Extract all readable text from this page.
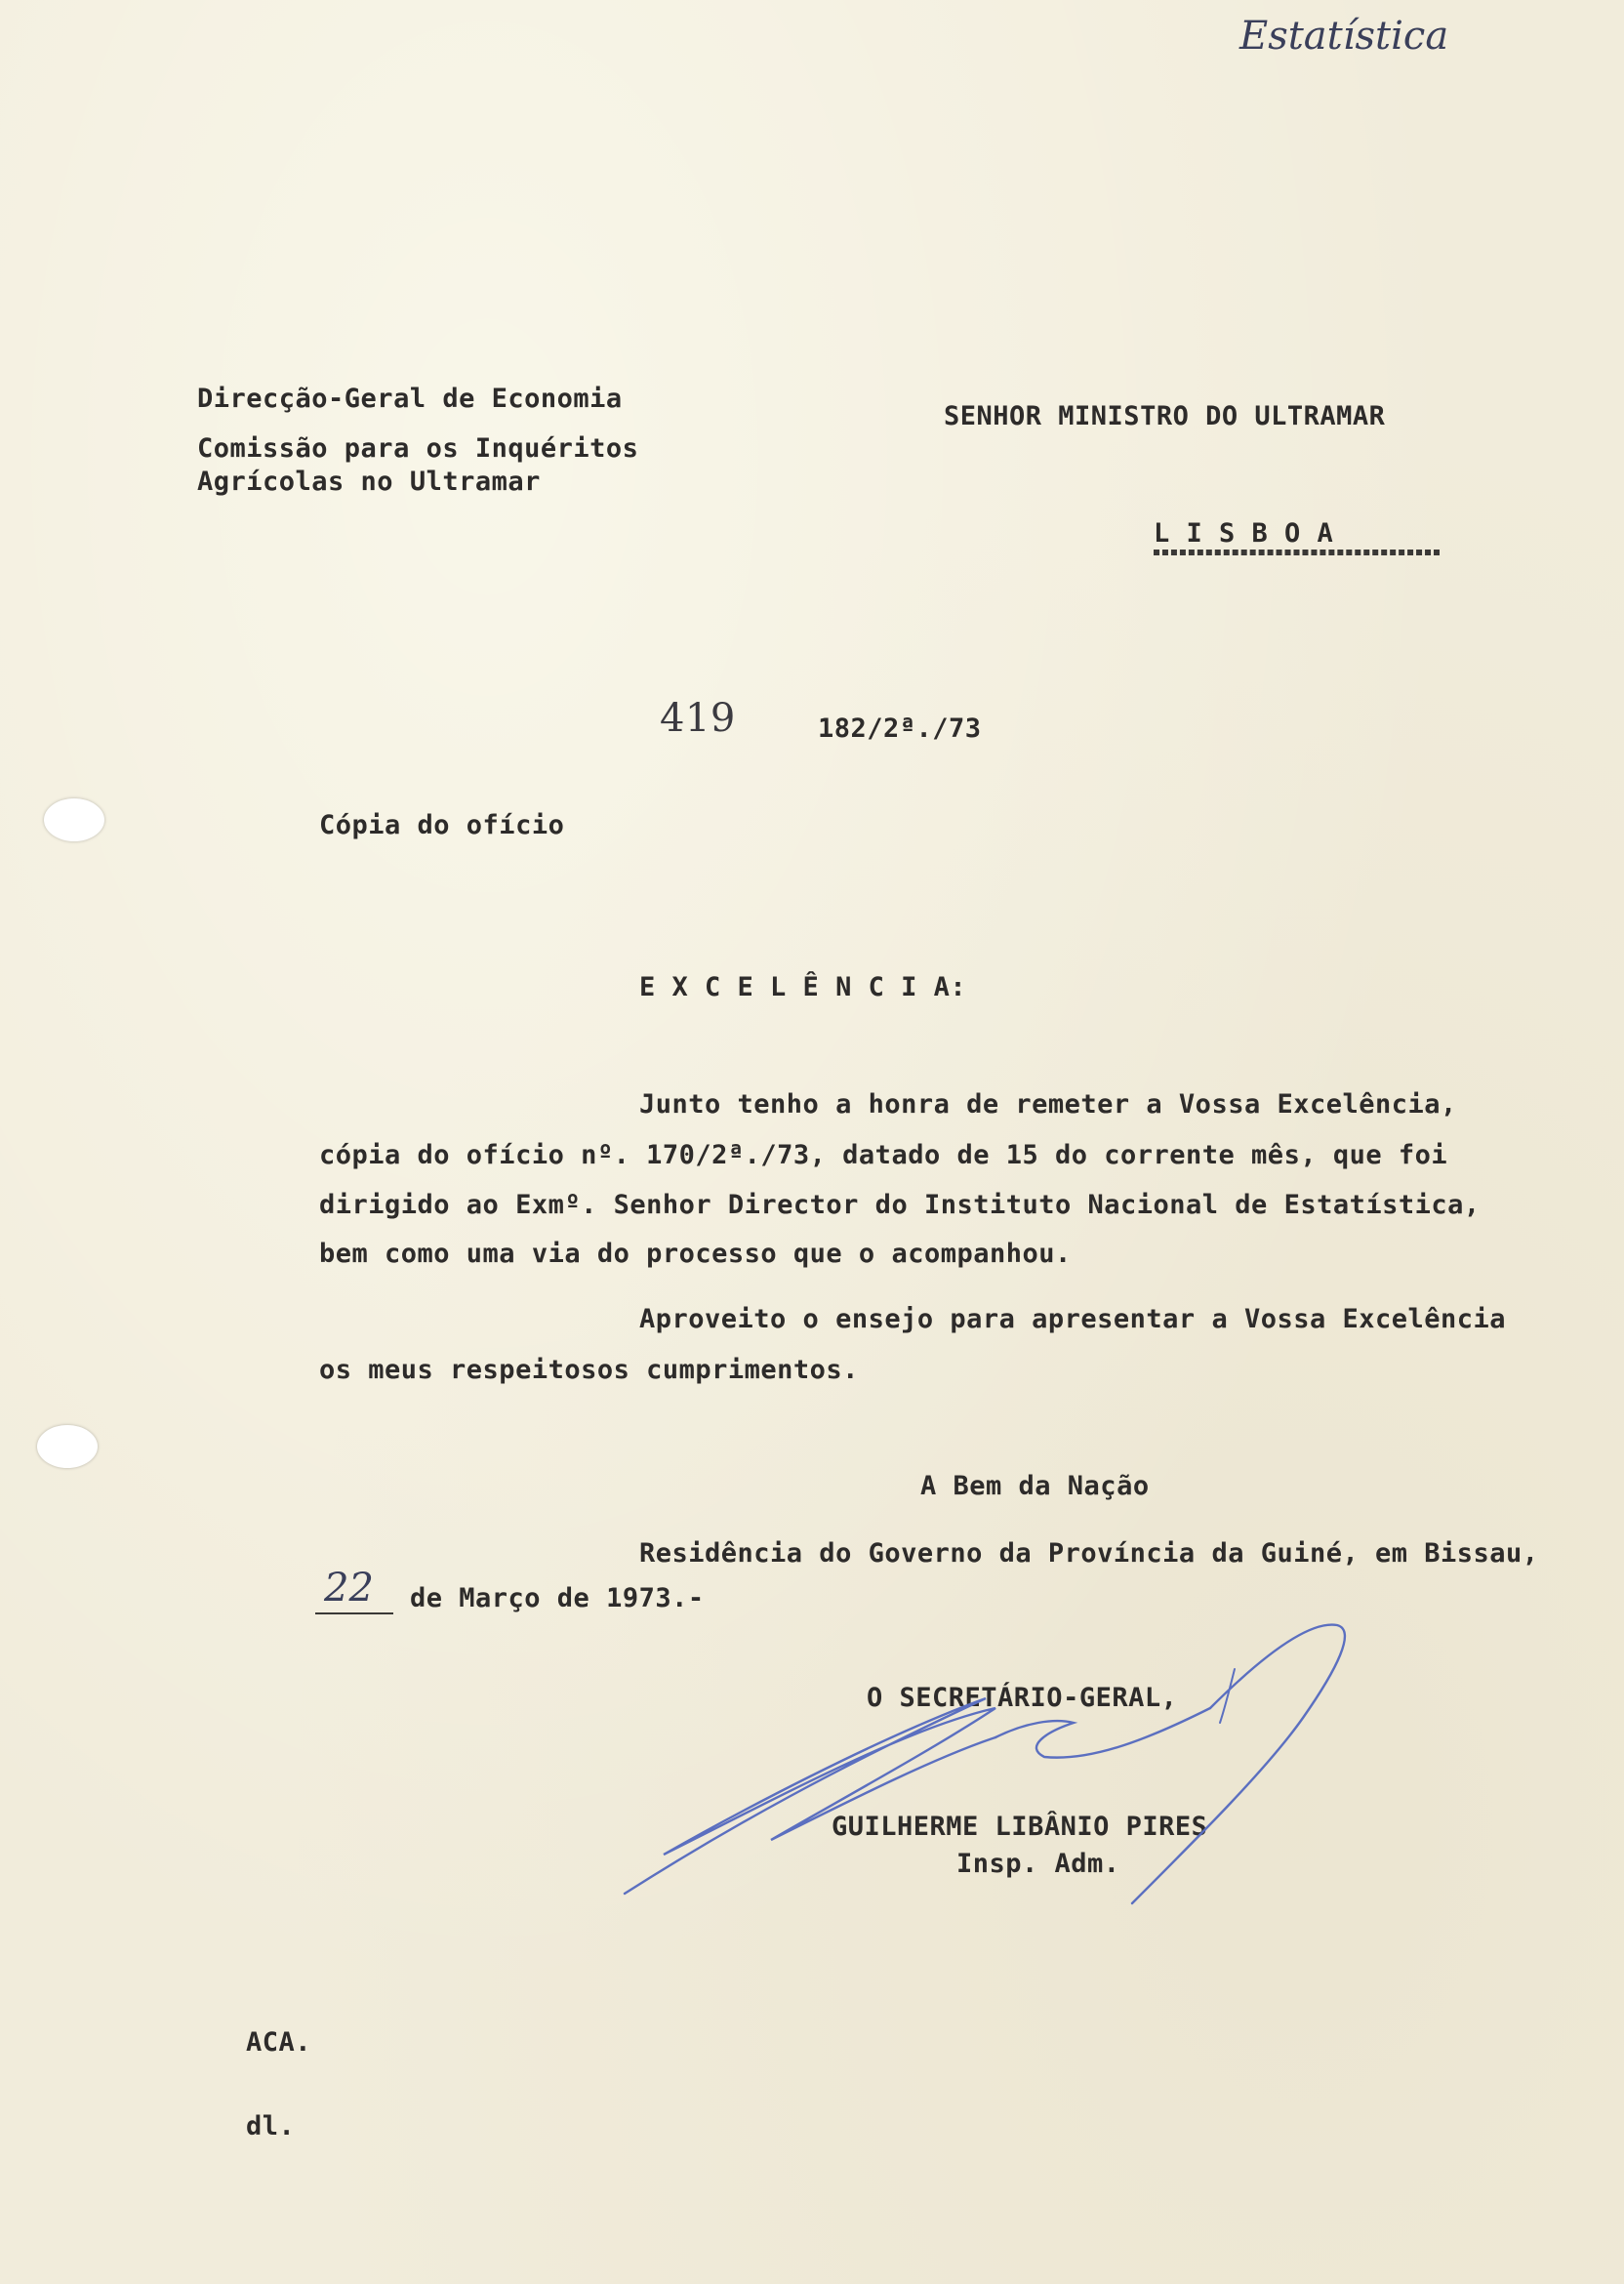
Estatística
Direcção-Geral de Economia
Comissão para os Inquéritos
Agrícolas no Ultramar
SENHOR MINISTRO DO ULTRAMAR
L I S B O A
419	182/2ª./73
Cópia do ofício
E X C E L Ê N C I A:
Junto tenho a honra de remeter a Vossa Excelência,
cópia do ofício nº. 170/2ª./73, datado de 15 do corrente mês, que foi
dirigido ao Exmº. Senhor Director do Instituto Nacional de Estatística,
bem como uma via do processo que o acompanhou.
Aproveito o ensejo para apresentar a Vossa Excelência
os meus respeitosos cumprimentos.
A Bem da Nação
Residência do Governo da Província da Guiné, em Bissau,
22 de Março de 1973.-
O SECRETÁRIO-GERAL,
GUILHERME LIBÂNIO PIRES
Insp. Adm.
ACA.
dl.
